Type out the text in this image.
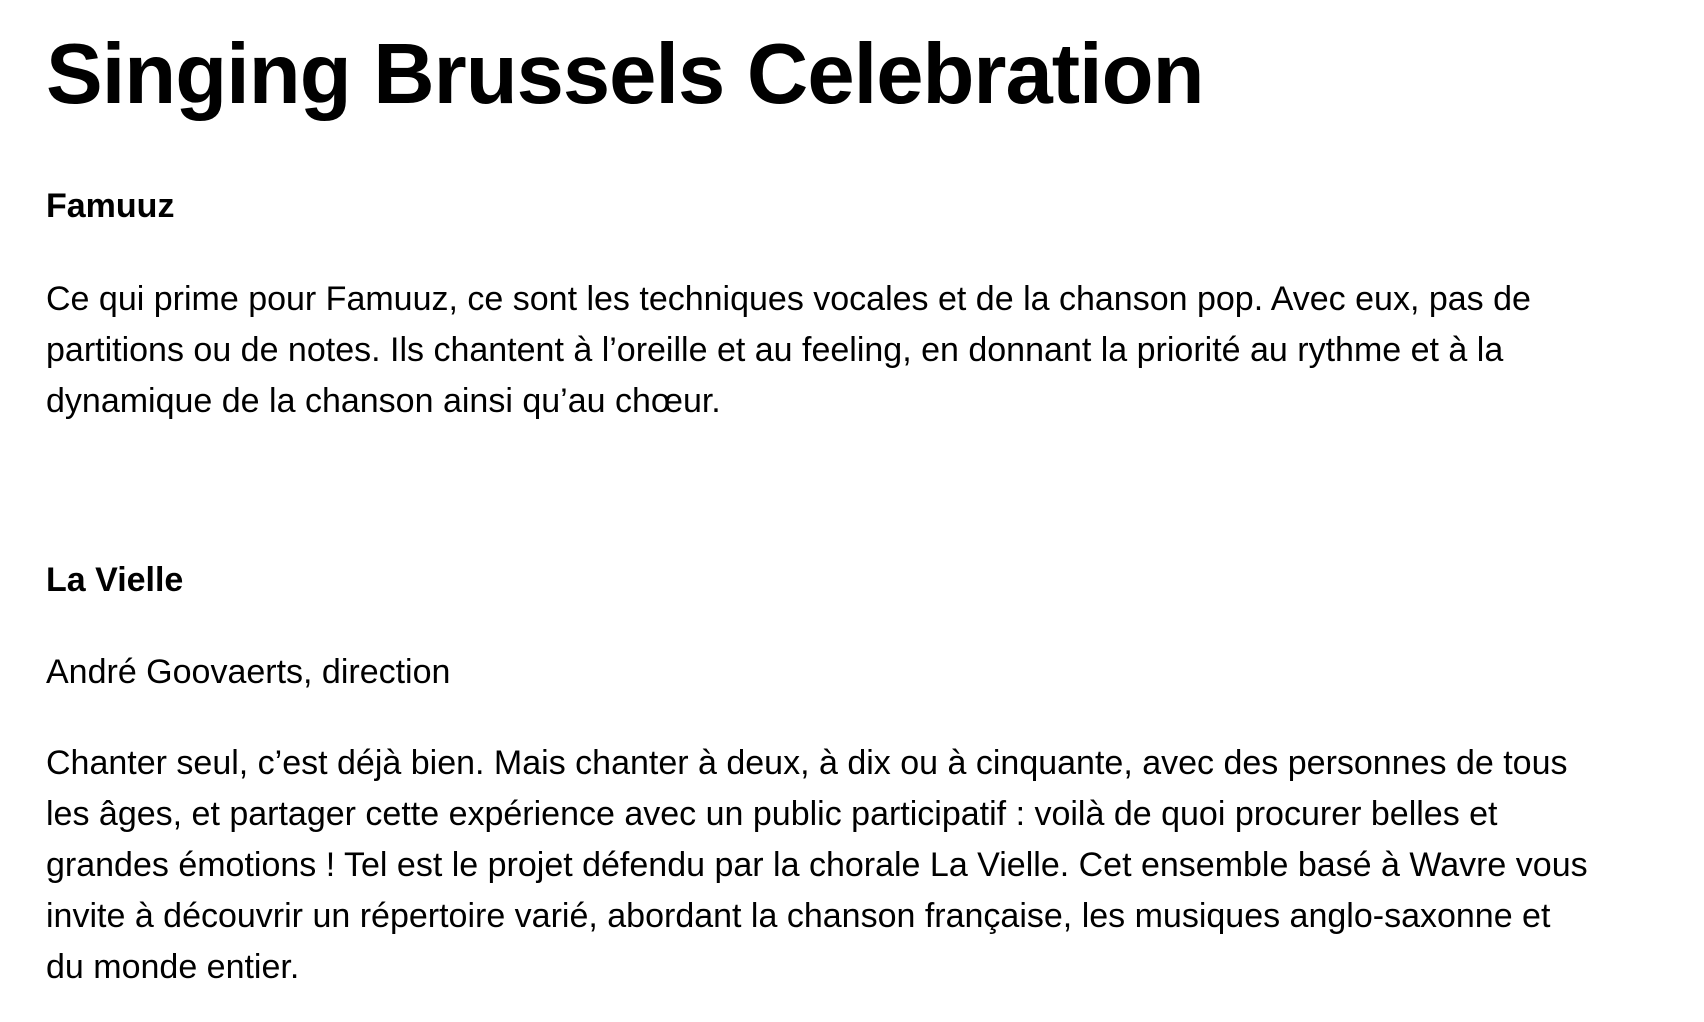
Singing Brussels Celebration
Famuuz

Ce qui prime pour Famuuz, ce sont les techniques vocales et de la chanson pop. Avec eux, pas de
partitions ou de notes. Ils chantent à l’oreille et au feeling, en donnant la priorité au rythme et à la
dynamique de la chanson ainsi qu’au chœur.

La Vielle

André Goovaerts, direction

Chanter seul, c’est déjà bien. Mais chanter à deux, à dix ou à cinquante, avec des personnes de tous
les âges, et partager cette expérience avec un public participatif : voilà de quoi procurer belles et
grandes émotions ! Tel est le projet défendu par la chorale La Vielle. Cet ensemble basé à Wavre vous
invite à découvrir un répertoire varié, abordant la chanson française, les musiques anglo-saxonne et
du monde entier.
